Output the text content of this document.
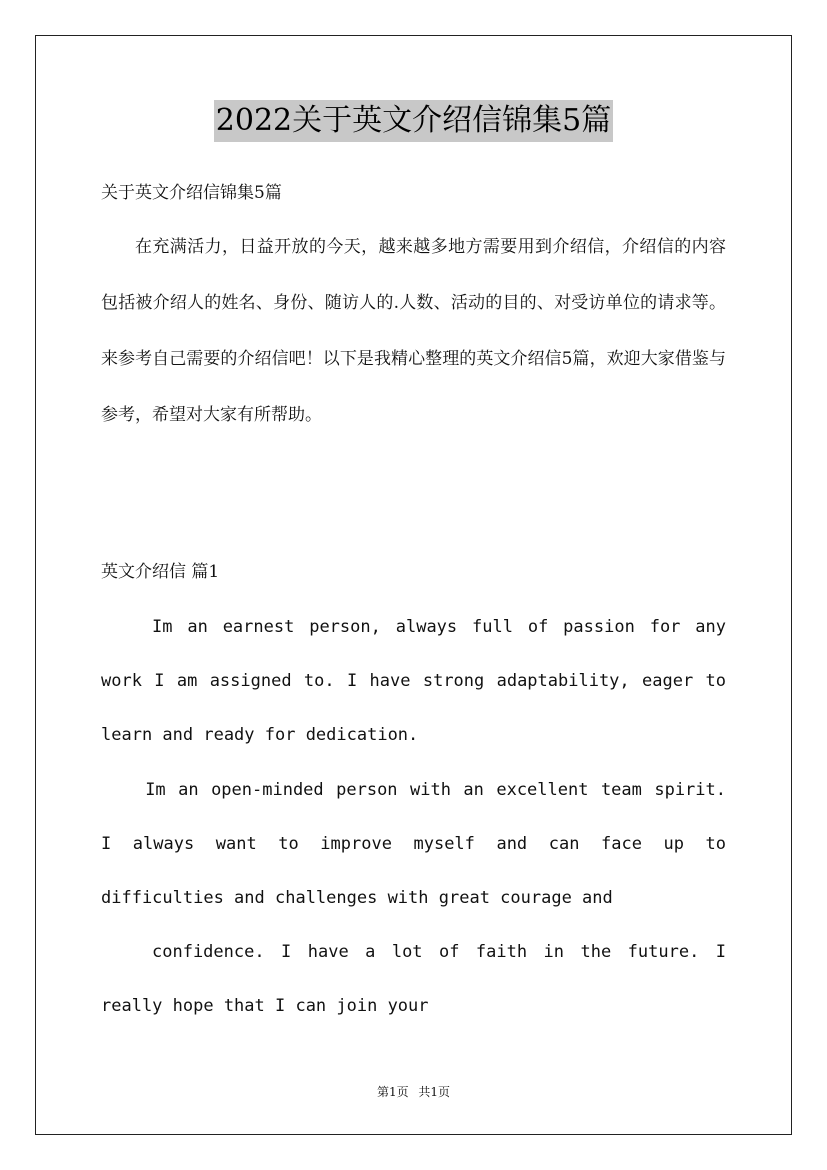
2022关于英文介绍信锦集5篇
关于英文介绍信锦集5篇

在充满活力，日益开放的今天，越来越多地方需要用到介绍信，介绍信的内容包括被介绍人的姓名、身份、随访人的.人数、活动的目的、对受访单位的请求等。来参考自己需要的介绍信吧！以下是我精心整理的英文介绍信5篇，欢迎大家借鉴与参考，希望对大家有所帮助。

英文介绍信 篇1

Im an earnest person, always full of passion for any work I am assigned to. I have strong adaptability, eager to learn and ready for dedication.

Im an open-minded person with an excellent team spirit. I always want to improve myself and can face up to difficulties and challenges with great courage and

confidence. I have a lot of faith in the future. I really hope that I can join your

第1页 共1页
